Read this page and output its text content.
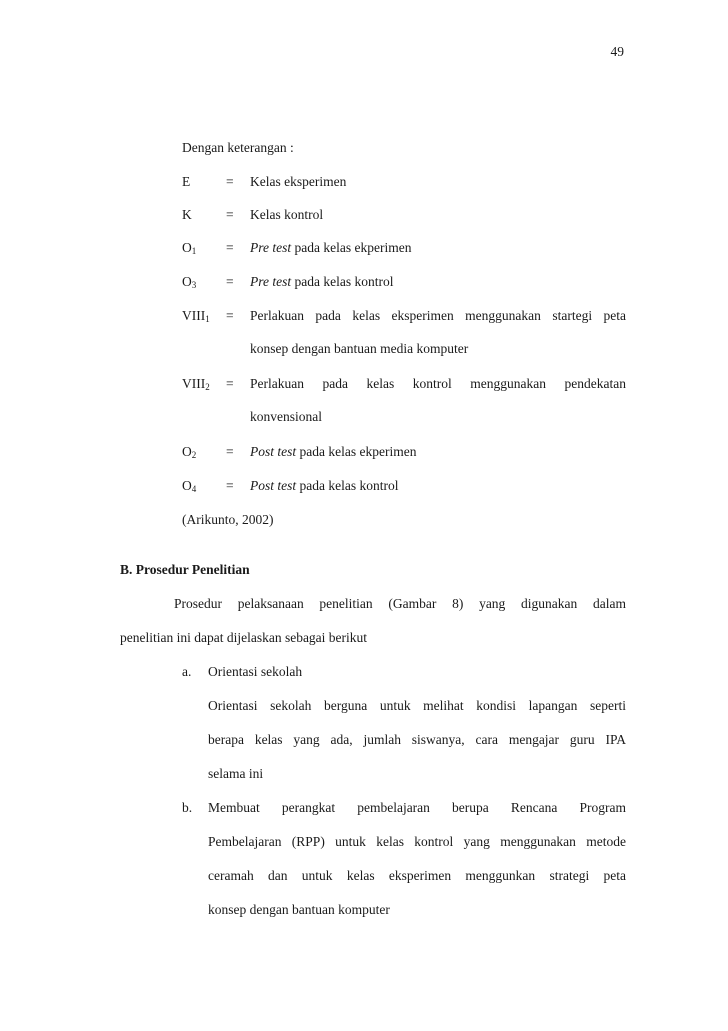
49
Dengan keterangan :
E	= Kelas eksperimen
K	= Kelas kontrol
$O_1$ = Pre test pada kelas ekperimen
$O_3$ = Pre test pada kelas kontrol
$VIII_1$ = Perlakuan pada kelas eksperimen menggunakan startegi peta
konsep dengan bantuan media komputer
$VIII_2$ = Perlakuan pada kelas kontrol menggunakan pendekatan
konvensional
$O_2$ = Post test pada kelas ekperimen
$O_4$ = Post test pada kelas kontrol
(Arikunto, 2002)
B. Prosedur Penelitian
Prosedur pelaksanaan penelitian (Gambar 8) yang digunakan dalam
penelitian ini dapat dijelaskan sebagai berikut
a. Orientasi sekolah
Orientasi sekolah berguna untuk melihat kondisi lapangan seperti
berapa kelas yang ada, jumlah siswanya, cara mengajar guru IPA
selama ini
b. Membuat perangkat pembelajaran berupa Rencana Program
Pembelajaran (RPP) untuk kelas kontrol yang menggunakan metode
ceramah dan untuk kelas eksperimen menggunkan strategi peta
konsep dengan bantuan komputer
